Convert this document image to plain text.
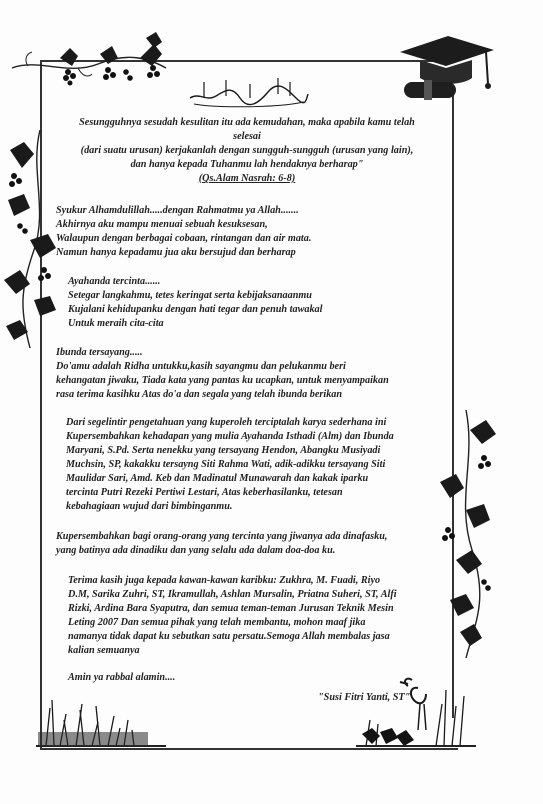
بسم الله الرحمن الرحيم

Sesungguhnya sesudah kesulitan itu ada kemudahan, maka apabila kamu telah

selesai

(dari suatu urusan) kerjakanlah dengan sungguh-sungguh (urusan yang lain),

dan hanya kepada Tuhanmu lah hendaknya berharap"

(Qs.Alam Nasrah: 6-8)

Syukur Alhamdulillah.....dengan Rahmatmu ya Allah.......

Akhirnya aku mampu menuai sebuah kesuksesan,

Walaupun dengan berbagai cobaan, rintangan dan air mata.

Namun hanya kepadamu jua aku bersujud dan berharap

Ayahanda tercinta......

Setegar langkahmu, tetes keringat serta kebijaksanaanmu

Kujalani kehidupanku dengan hati tegar dan penuh tawakal

Untuk meraih cita-cita

Ibunda tersayang.....

Do'amu adalah Ridha untukku,kasih sayangmu dan pelukanmu beri

kehangatan jiwaku, Tiada kata yang pantas ku ucapkan, untuk menyampaikan

rasa terima kasihku Atas do'a dan segala yang telah ibunda berikan

Dari segelintir pengetahuan yang kuperoleh terciptalah karya sederhana ini

Kupersembahkan kehadapan yang mulia Ayahanda Isthadi (Alm) dan Ibunda

Maryani, S.Pd. Serta nenekku yang tersayang Hendon, Abangku Musiyadi

Muchsin, SP, kakakku tersayng Siti Rahma Wati, adik-adikku tersayang Siti

Maulidar Sari, Amd. Keb dan Madinatul Munawarah dan kakak iparku

tercinta Putri Rezeki Pertiwi Lestari, Atas keberhasilanku, tetesan

kebahagiaan wujud dari bimbinganmu.

Kupersembahkan bagi orang-orang yang tercinta yang jiwanya ada dinafasku,

yang batinya ada dinadiku dan yang selalu ada dalam doa-doa ku.

Terima kasih juga kepada kawan-kawan karibku: Zukhra, M. Fuadi, Riyo

D.M, Sarika Zuhri, ST, Ikramullah, Ashlan Mursalin, Priatna Suheri, ST, Alfi

Rizki, Ardina Bara Syaputra, dan semua teman-teman Jurusan Teknik Mesin

Leting 2007 Dan semua pihak yang telah membantu, mohon maaf jika

namanya tidak dapat ku sebutkan satu persatu.Semoga Allah membalas jasa

kalian semuanya

Amin ya rabbal alamin....

"Susi Fitri Yanti, ST"
